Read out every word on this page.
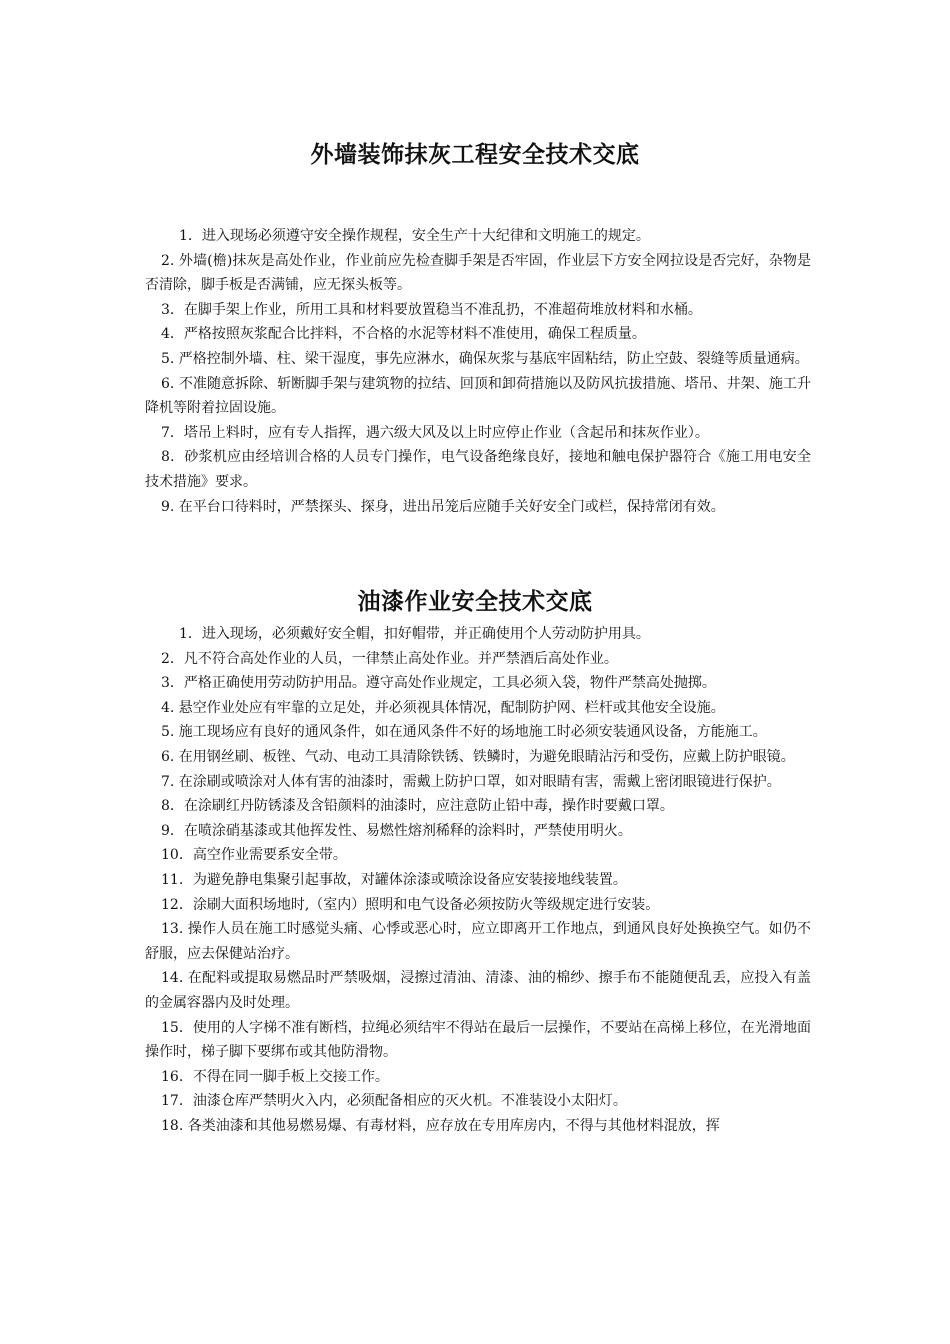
外墙装饰抹灰工程安全技术交底
1．进入现场必须遵守安全操作规程，安全生产十大纪律和文明施工的规定。
2. 外墙(檐)抹灰是高处作业，作业前应先检查脚手架是否牢固，作业层下方安全网拉设是否完好，杂物是否清除，脚手板是否满铺，应无探头板等。
3．在脚手架上作业，所用工具和材料要放置稳当不准乱扔，不准超荷堆放材料和水桶。
4．严格按照灰浆配合比拌料，不合格的水泥等材料不准使用，确保工程质量。
5. 严格控制外墙、柱、梁干湿度，事先应淋水，确保灰浆与基底牢固粘结，防止空鼓、裂缝等质量通病。
6. 不准随意拆除、斩断脚手架与建筑物的拉结、回顶和卸荷措施以及防风抗拔措施、塔吊、井架、施工升降机等附着拉固设施。
7．塔吊上料时，应有专人指挥，遇六级大风及以上时应停止作业（含起吊和抹灰作业）。
8．砂浆机应由经培训合格的人员专门操作，电气设备绝缘良好，接地和触电保护器符合《施工用电安全技术措施》要求。
9. 在平台口待料时，严禁探头、探身，进出吊笼后应随手关好安全门或栏，保持常闭有效。
油漆作业安全技术交底
1．进入现场，必须戴好安全帽，扣好帽带，并正确使用个人劳动防护用具。
2．凡不符合高处作业的人员，一律禁止高处作业。并严禁酒后高处作业。
3．严格正确使用劳动防护用品。遵守高处作业规定，工具必须入袋，物件严禁高处抛掷。
4. 悬空作业处应有牢靠的立足处，并必须视具体情况，配制防护网、栏杆或其他安全设施。
5. 施工现场应有良好的通风条件，如在通风条件不好的场地施工时必须安装通风设备，方能施工。
6. 在用钢丝刷、板锉、气动、电动工具清除铁锈、铁鳞时，为避免眼睛沾污和受伤，应戴上防护眼镜。
7. 在涂刷或喷涂对人体有害的油漆时，需戴上防护口罩，如对眼睛有害，需戴上密闭眼镜进行保护。
8．在涂刷红丹防锈漆及含铅颜料的油漆时，应注意防止铅中毒，操作时要戴口罩。
9．在喷涂硝基漆或其他挥发性、易燃性熔剂稀释的涂料时，严禁使用明火。
10．高空作业需要系安全带。
11．为避免静电集聚引起事故，对罐体涂漆或喷涂设备应安装接地线装置。
12．涂刷大面积场地时,（室内）照明和电气设备必须按防火等级规定进行安装。
13. 操作人员在施工时感觉头痛、心悸或恶心时，应立即离开工作地点，到通风良好处换换空气。如仍不舒服，应去保健站治疗。
14. 在配料或提取易燃品时严禁吸烟，浸擦过清油、清漆、油的棉纱、擦手布不能随便乱丢，应投入有盖的金属容器内及时处理。
15．使用的人字梯不准有断档，拉绳必须结牢不得站在最后一层操作，不要站在高梯上移位，在光滑地面操作时，梯子脚下要绑布或其他防滑物。
16．不得在同一脚手板上交接工作。
17．油漆仓库严禁明火入内，必须配备相应的灭火机。不准装设小太阳灯。
18. 各类油漆和其他易燃易爆、有毒材料，应存放在专用库房内，不得与其他材料混放，挥
